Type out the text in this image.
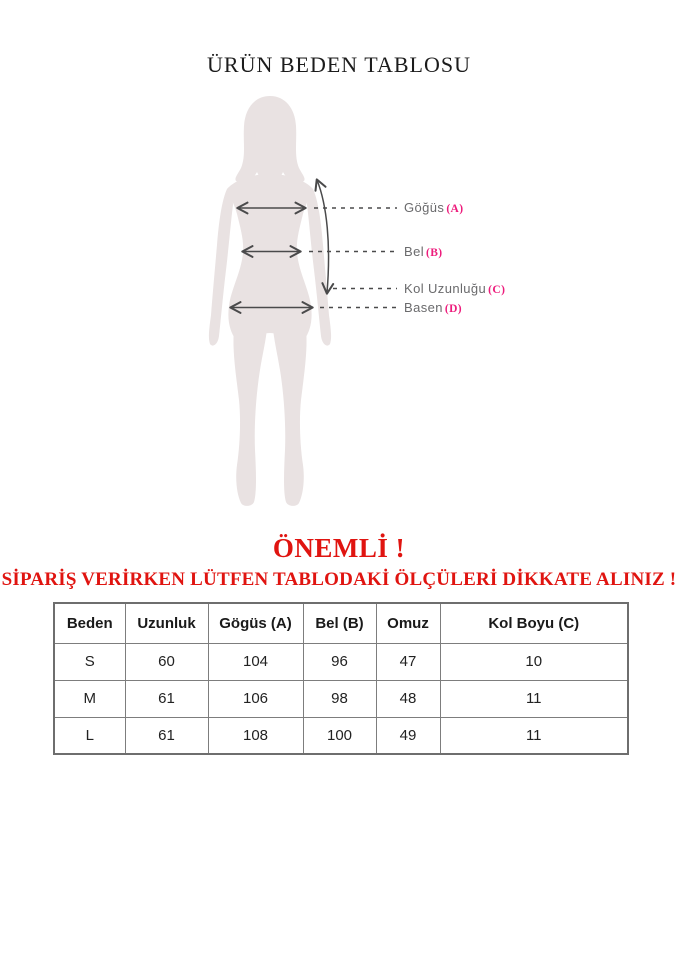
ÜRÜN BEDEN TABLOSU
Göğüs (A)
Bel (B)
Kol Uzunluğu (C)
Basen (D)
ÖNEMLİ !
SİPARİŞ VERİRKEN LÜTFEN TABLODAKİ ÖLÇÜLERİ DİKKATE ALINIZ !
Beden	Uzunluk	Gögüs (A)	Bel (B)	Omuz	Kol Boyu (C)
S	60	104	96	47	10
M	61	106	98	48	11
L	61	108	100	49	11
